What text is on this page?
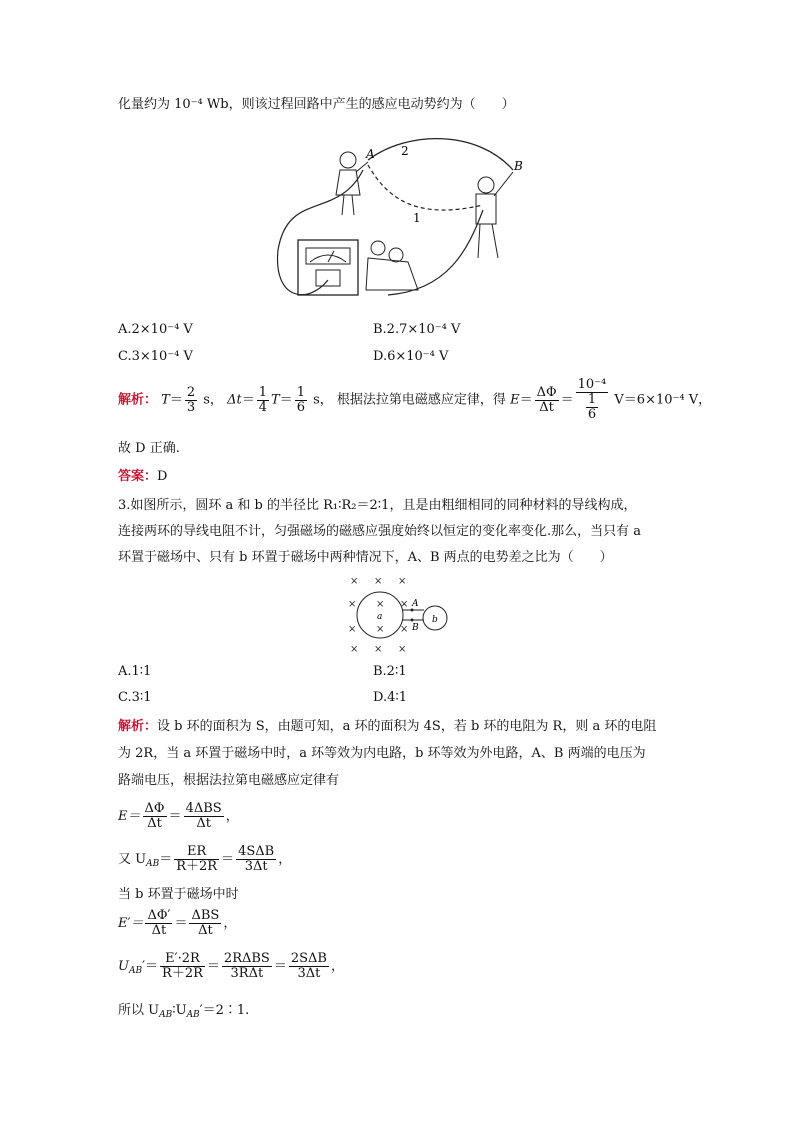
化量约为 10⁻⁴ Wb，则该过程回路中产生的感应电动势约为（　　）
A
B
2
1
A.2×10⁻⁴ V	B.2.7×10⁻⁴ V
C.3×10⁻⁴ V	D.6×10⁻⁴ V
解析： $T= \frac{2}{3}$ s， $\Delta t= \frac{1}{4} T= \frac{1}{6}$ s， 根据法拉第电磁感应定律，得 $E= \frac{\Delta\Phi}{\Delta t} = \frac{\text{10⁻⁴}}{\frac{1}{6}} V=6\times 10^{-4}$ V，
故 D 正确.
答案：D
3.如图所示，圆环 a 和 b 的半径比 R₁∶R₂＝2∶1，且是由粗细相同的同种材料的导线构成，
连接两环的导线电阻不计，匀强磁场的磁感应强度始终以恒定的变化率变化.那么，当只有 a
环置于磁场中、只有 b 环置于磁场中两种情况下，A、B 两点的电势差之比为（　　）
× × ×
× × ×
× × ×
× × ×
a	b
A
B
A.1∶1	B.2∶1
C.3∶1	D.4∶1
解析：设 b 环的面积为 S，由题可知，a 环的面积为 4S，若 b 环的电阻为 R，则 a 环的电阻
为 2R，当 a 环置于磁场中时，a 环等效为内电路，b 环等效为外电路，A、B 两端的电压为
路端电压，根据法拉第电磁感应定律有
$E= \frac{\Delta\Phi}{\Delta t} = \frac{\text{4ΔBS}}{\Delta t}$ ，
又 $U_{AB}= \frac{ER}{R+2R} = \frac{\text{4SΔB}}{3\Delta t}$ ，
当 b 环置于磁场中时
$E'= \frac{\Delta\Phi'}{\Delta t} = \frac{\text{ΔBS}}{\Delta t}$ ，
$U_{AB}'= \frac{E'\cdot 2R}{R+2R} = \frac{\text{2RΔBS}}{\text{3RΔt}} = \frac{\text{2SΔB}}{3\Delta t}$ ，
所以 $U_{AB}∶U_{AB}'=2∶1$.
